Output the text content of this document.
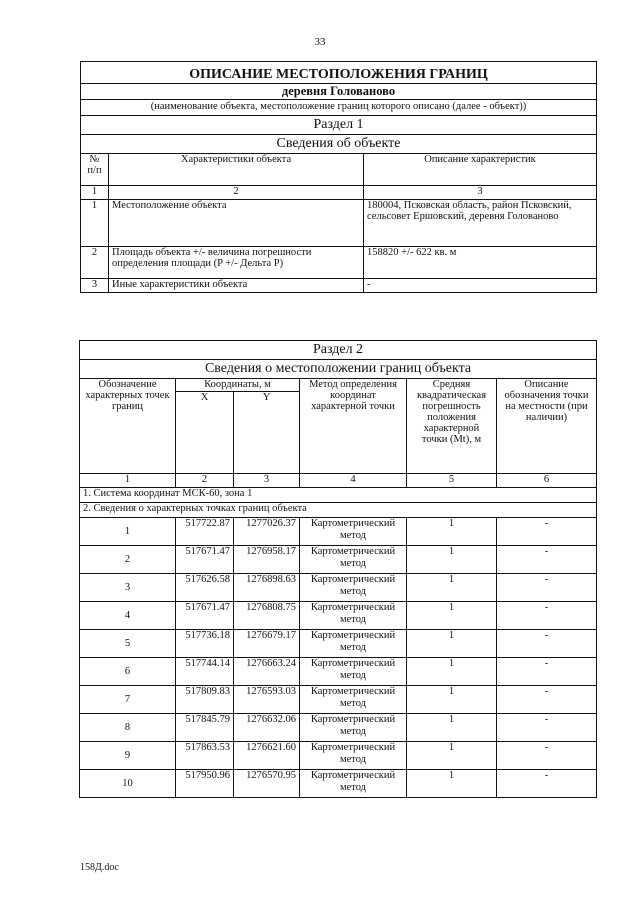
33
ОПИСАНИЕ МЕСТОПОЛОЖЕНИЯ ГРАНИЦ		
деревня Голованово		
(наименование объекта, местоположение границ которого описано (далее - объект))		
Раздел 1		
Сведения об объекте		
№ п/п	Характеристики объекта	Описание характеристик
1	2	3
1	Местоположение объекта	180004, Псковская область, район Псковский, сельсовет Ершовский, деревня Голованово
2	Площадь объекта +/- величина погрешности определения площади (P +/- Дельта P)	158820 +/- 622 кв. м
3	Иные характеристики объекта	-
Раздел 2					
Сведения о местоположении границ объекта					
Обозначение характерных точек границ	Координаты, м		Метод определения координат характерной точки	Средняя квадратическая погрешность положения характерной точки (Mt), м	Описание обозначения точки на местности (при наличии)
	X	Y			
1	2	3	4	5	6
1. Система координат МСК-60, зона 1					
2. Сведения о характерных точках границ объекта					
1	517722.87	1277026.37	Картометрический метод	1	-
2	517671.47	1276958.17	Картометрический метод	1	-
3	517626.58	1276898.63	Картометрический метод	1	-
4	517671.47	1276808.75	Картометрический метод	1	-
5	517736.18	1276679.17	Картометрический метод	1	-
6	517744.14	1276663.24	Картометрический метод	1	-
7	517809.83	1276593.03	Картометрический метод	1	-
8	517845.79	1276632.06	Картометрический метод	1	-
9	517863.53	1276621.60	Картометрический метод	1	-
10	517950.96	1276570.95	Картометрический метод	1	-
158Д.doc
